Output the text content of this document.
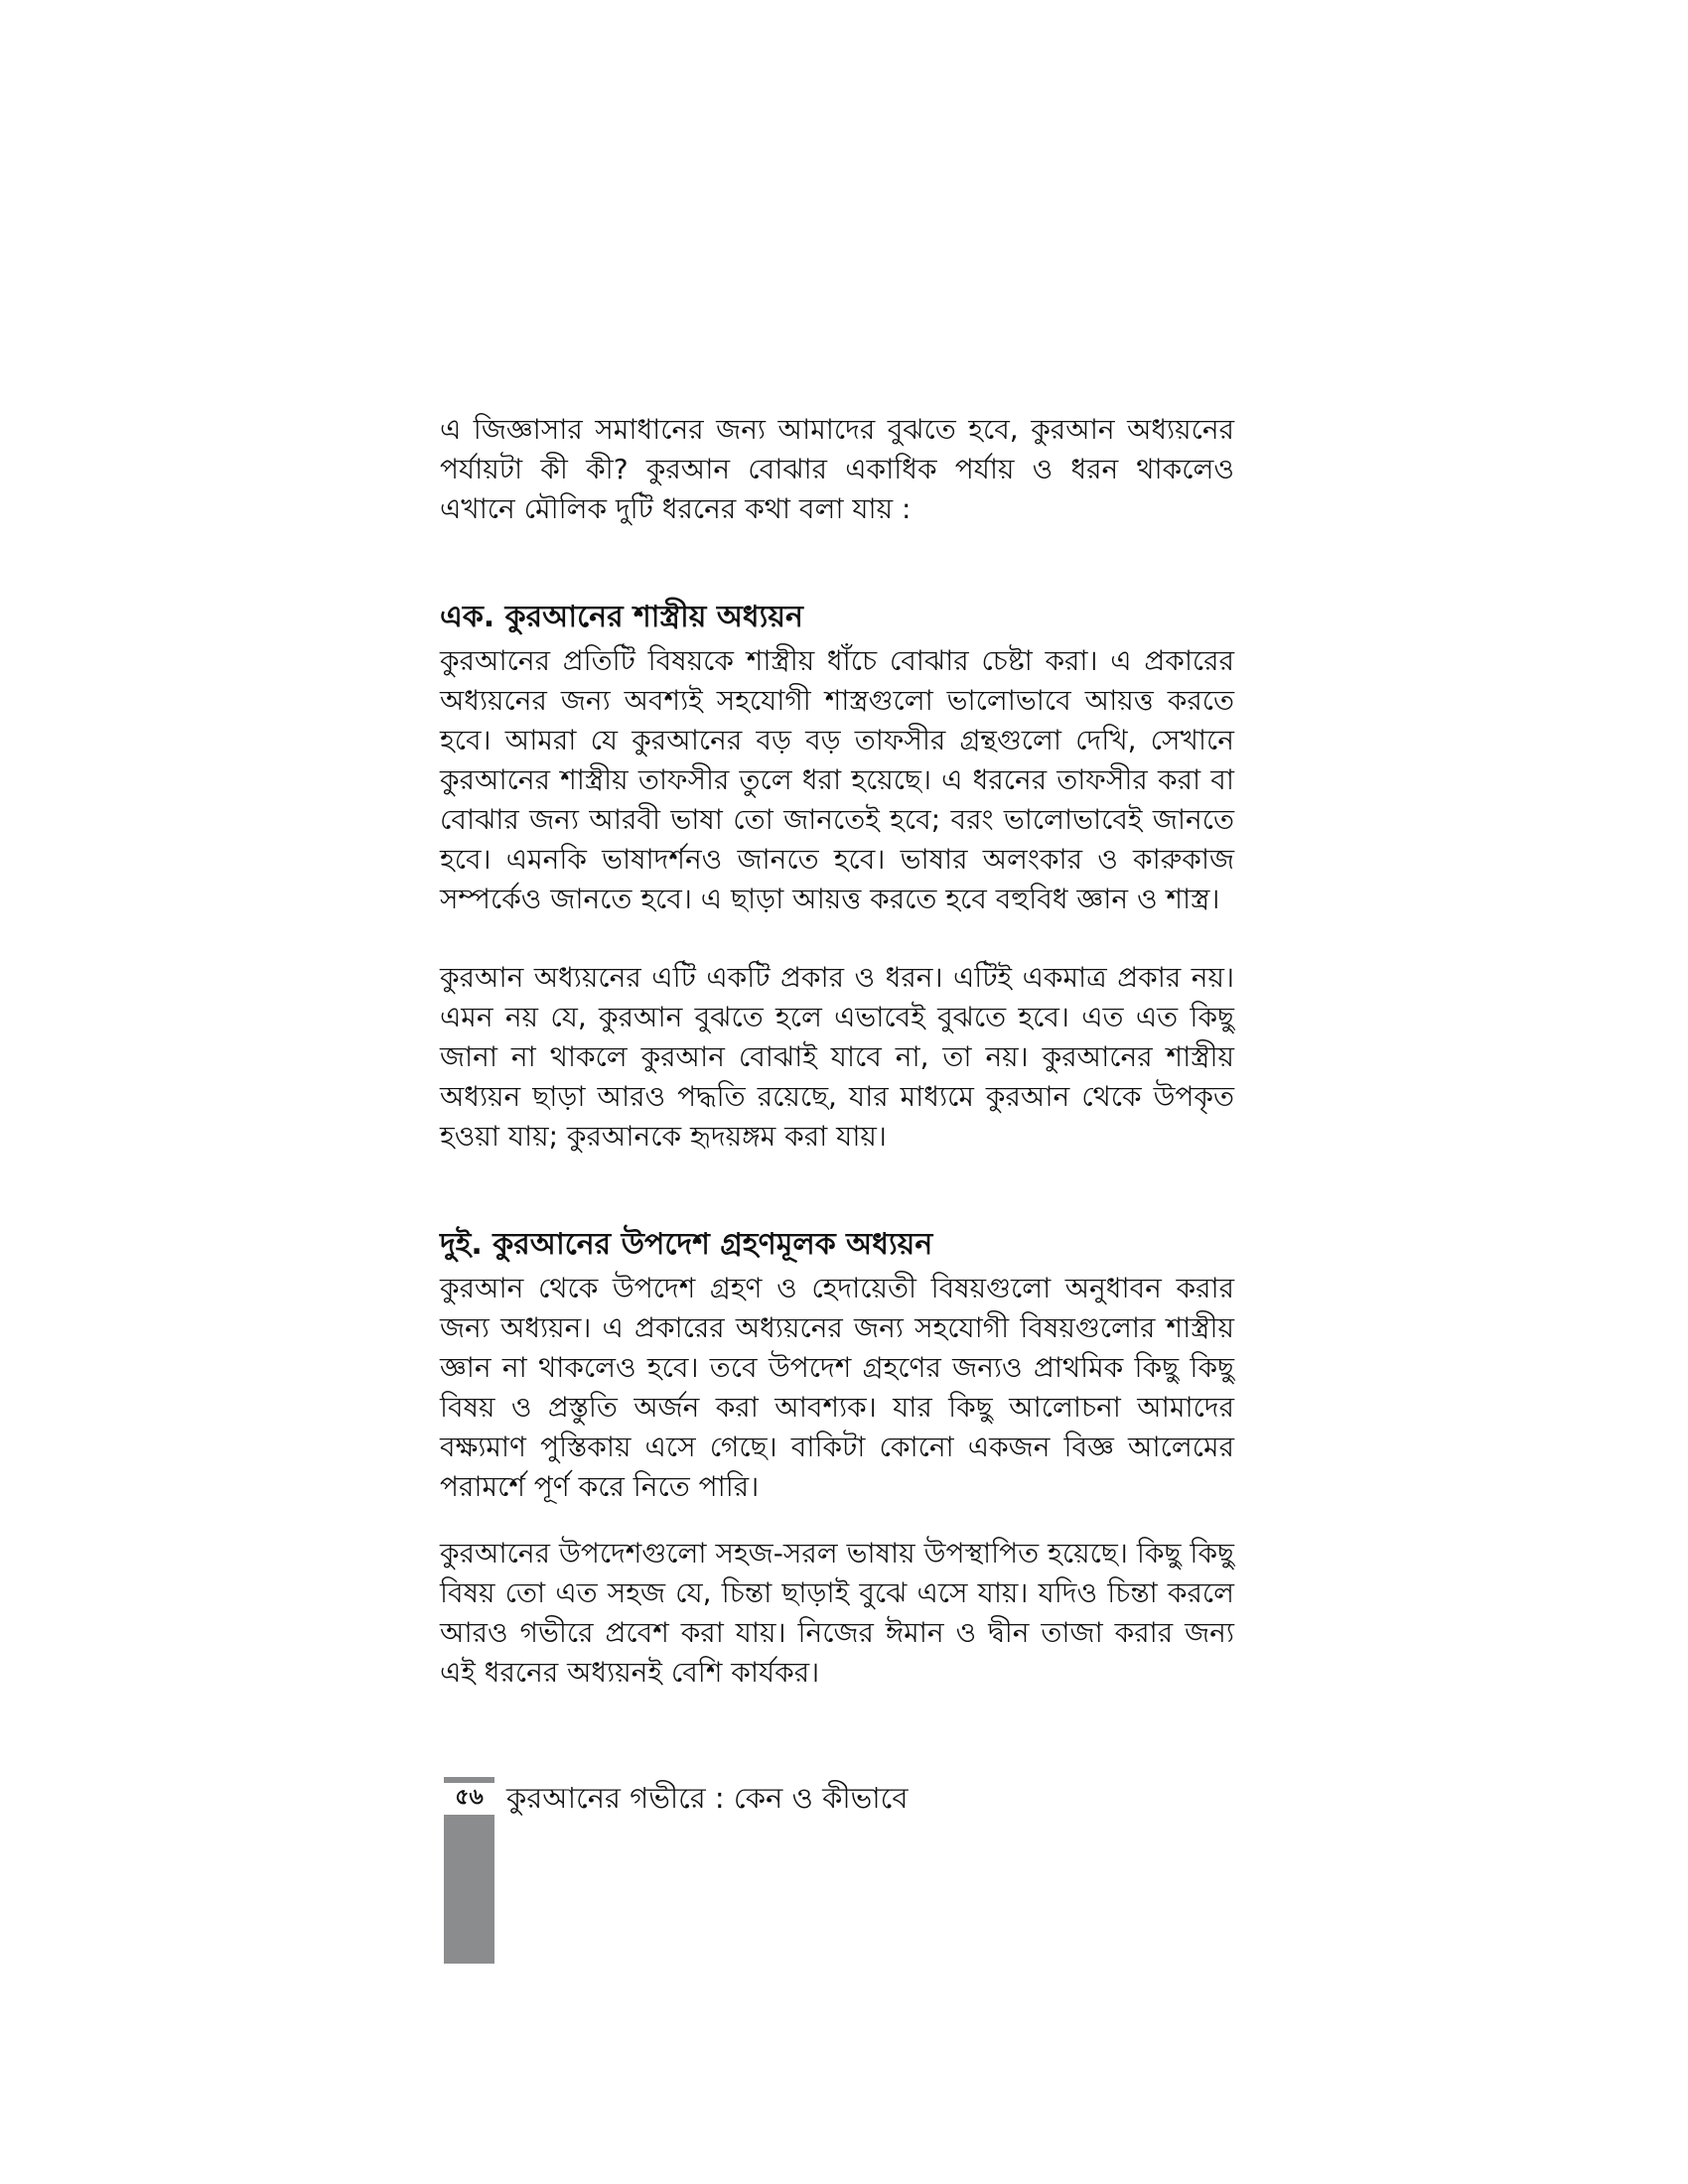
এ জিজ্ঞাসার সমাধানের জন্য আমাদের বুঝতে হবে, কুরআন অধ্যয়নের পর্যায়টা কী কী? কুরআন বোঝার একাধিক পর্যায় ও ধরন থাকলেও এখানে মৌলিক দুটি ধরনের কথা বলা যায় :

এক. কুরআনের শাস্ত্রীয় অধ্যয়ন

কুরআনের প্রতিটি বিষয়কে শাস্ত্রীয় ধাঁচে বোঝার চেষ্টা করা। এ প্রকারের অধ্যয়নের জন্য অবশ্যই সহযোগী শাস্ত্রগুলো ভালোভাবে আয়ত্ত করতে হবে। আমরা যে কুরআনের বড় বড় তাফসীর গ্রন্থগুলো দেখি, সেখানে কুরআনের শাস্ত্রীয় তাফসীর তুলে ধরা হয়েছে। এ ধরনের তাফসীর করা বা বোঝার জন্য আরবী ভাষা তো জানতেই হবে; বরং ভালোভাবেই জানতে হবে। এমনকি ভাষাদর্শনও জানতে হবে। ভাষার অলংকার ও কারুকাজ সম্পর্কেও জানতে হবে। এ ছাড়া আয়ত্ত করতে হবে বহুবিধ জ্ঞান ও শাস্ত্র।

কুরআন অধ্যয়নের এটি একটি প্রকার ও ধরন। এটিই একমাত্র প্রকার নয়। এমন নয় যে, কুরআন বুঝতে হলে এভাবেই বুঝতে হবে। এত এত কিছু জানা না থাকলে কুরআন বোঝাই যাবে না, তা নয়। কুরআনের শাস্ত্রীয় অধ্যয়ন ছাড়া আরও পদ্ধতি রয়েছে, যার মাধ্যমে কুরআন থেকে উপকৃত হওয়া যায়; কুরআনকে হৃদয়ঙ্গম করা যায়।

দুই. কুরআনের উপদেশ গ্রহণমূলক অধ্যয়ন

কুরআন থেকে উপদেশ গ্রহণ ও হেদায়েতী বিষয়গুলো অনুধাবন করার জন্য অধ্যয়ন। এ প্রকারের অধ্যয়নের জন্য সহযোগী বিষয়গুলোর শাস্ত্রীয় জ্ঞান না থাকলেও হবে। তবে উপদেশ গ্রহণের জন্যও প্রাথমিক কিছু কিছু বিষয় ও প্রস্তুতি অর্জন করা আবশ্যক। যার কিছু আলোচনা আমাদের বক্ষ্যমাণ পুস্তিকায় এসে গেছে। বাকিটা কোনো একজন বিজ্ঞ আলেমের পরামর্শে পূর্ণ করে নিতে পারি।

কুরআনের উপদেশগুলো সহজ-সরল ভাষায় উপস্থাপিত হয়েছে। কিছু কিছু বিষয় তো এত সহজ যে, চিন্তা ছাড়াই বুঝে এসে যায়। যদিও চিন্তা করলে আরও গভীরে প্রবেশ করা যায়। নিজের ঈমান ও দ্বীন তাজা করার জন্য এই ধরনের অধ্যয়নই বেশি কার্যকর।

৫৬ কুরআনের গভীরে : কেন ও কীভাবে
